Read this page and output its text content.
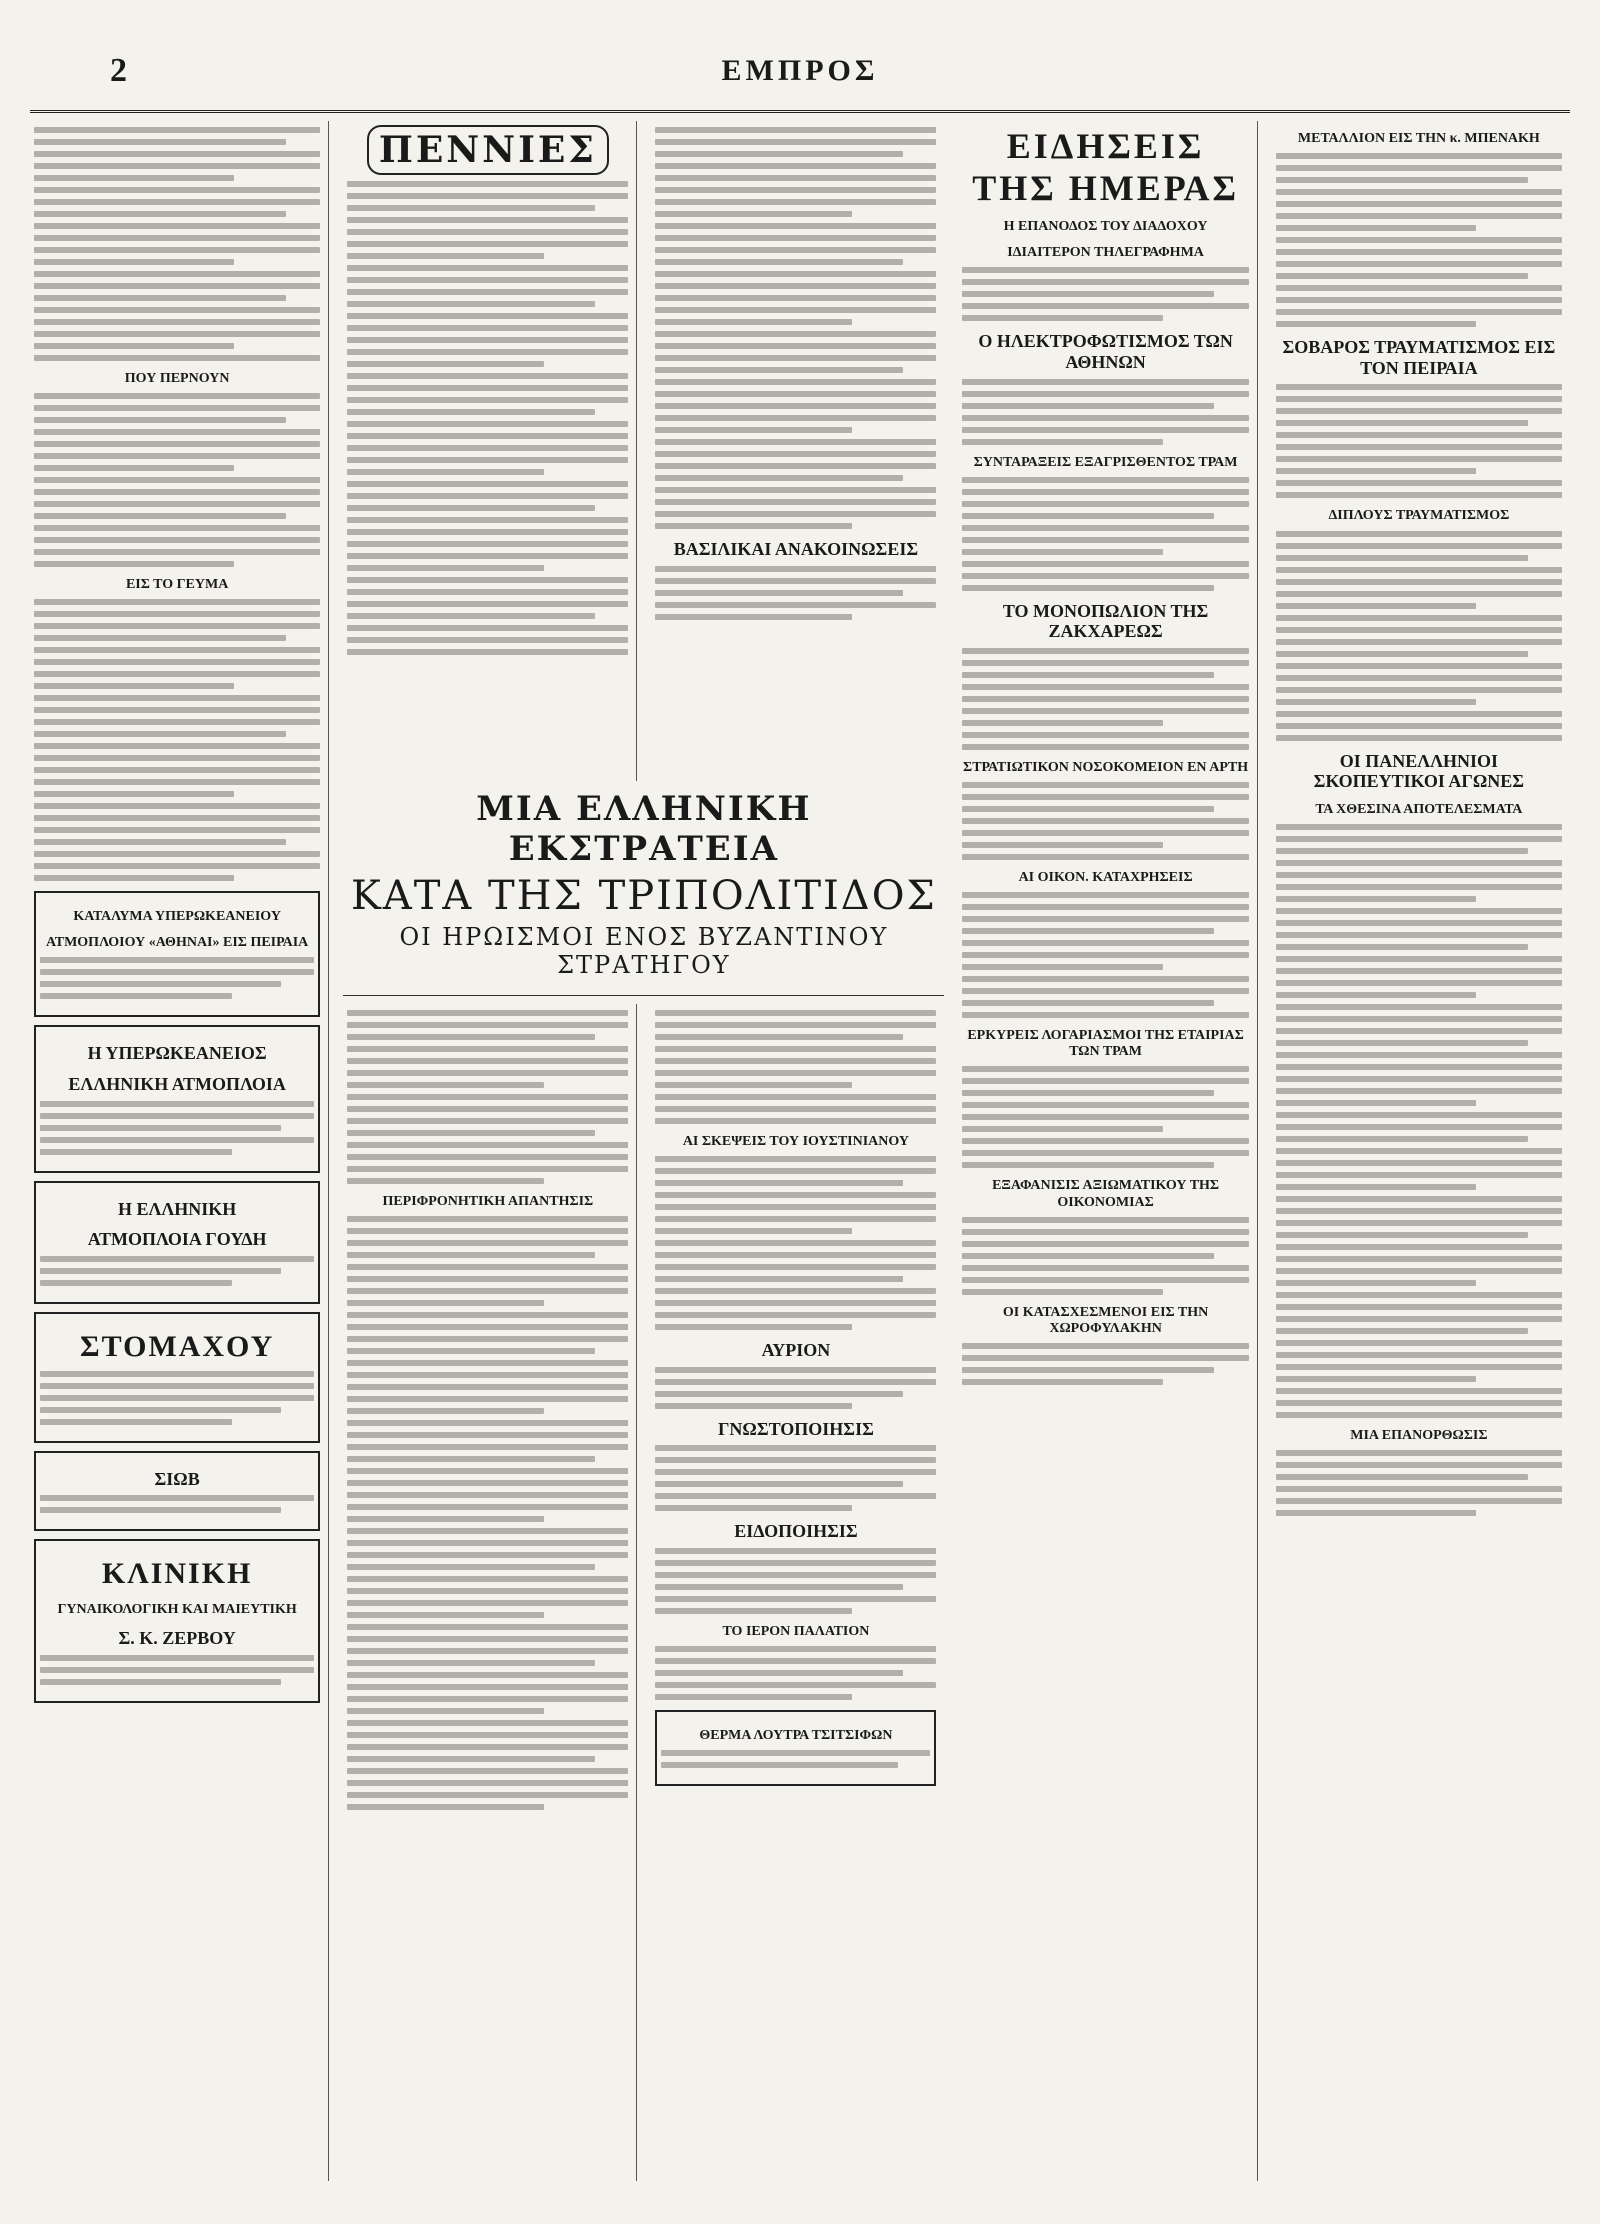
2	ΕΜΠΡΟΣ
ΠΟΥ ΠΕΡΝΟΥΝ
ΕΙΣ ΤΟ ΓΕΥΜΑ
ΚΑΤΑΛΥΜΑ ΥΠΕΡΩΚΕΑΝΕΙΟΥ
ΑΤΜΟΠΛΟΙΟΥ «ΑΘΗΝΑΙ» ΕΙΣ ΠΕΙΡΑΙΑ
Η ΥΠΕΡΩΚΕΑΝΕΙΟΣ
ΕΛΛΗΝΙΚΗ ΑΤΜΟΠΛΟΙΑ
Η ΕΛΛΗΝΙΚΗ
ΑΤΜΟΠΛΟΙΑ ΓΟΥΔΗ
ΣΤΟΜΑΧΟΥ
ΣΙΩΒ
ΚΛΙΝΙΚΗ
ΓΥΝΑΙΚΟΛΟΓΙΚΗ ΚΑΙ ΜΑΙΕΥΤΙΚΗ
Σ. Κ. ΖΕΡΒΟΥ
ΠΕΝΝΙΕΣ
ΒΑΣΙΛΙΚΑΙ ΑΝΑΚΟΙΝΩΣΕΙΣ
ΜΙΑ ΕΛΛΗΝΙΚΗ ΕΚΣΤΡΑΤΕΙΑ
ΚΑΤΑ ΤΗΣ ΤΡΙΠΟΛΙΤΙΔΟΣ
ΟΙ ΗΡΩΙΣΜΟΙ ΕΝΟΣ ΒΥΖΑΝΤΙΝΟΥ ΣΤΡΑΤΗΓΟΥ
ΠΕΡΙΦΡΟΝΗΤΙΚΗ ΑΠΑΝΤΗΣΙΣ
ΑΙ ΣΚΕΨΕΙΣ ΤΟΥ ΙΟΥΣΤΙΝΙΑΝΟΥ
ΑΥΡΙΟΝ
ΓΝΩΣΤΟΠΟΙΗΣΙΣ
ΕΙΔΟΠΟΙΗΣΙΣ
ΤΟ ΙΕΡΟΝ ΠΑΛΑΤΙΟΝ
ΘΕΡΜΑ ΛΟΥΤΡΑ ΤΣΙΤΣΙΦΩΝ
ΕΙΔΗΣΕΙΣ ΤΗΣ ΗΜΕΡΑΣ
Η ΕΠΑΝΟΔΟΣ ΤΟΥ ΔΙΑΔΟΧΟΥ
ΙΔΙΑΙΤΕΡΟΝ ΤΗΛΕΓΡΑΦΗΜΑ
Ο ΗΛΕΚΤΡΟΦΩΤΙΣΜΟΣ ΤΩΝ ΑΘΗΝΩΝ
ΣΥΝΤΑΡΑΞΕΙΣ ΕΞΑΓΡΙΣΘΕΝΤΟΣ ΤΡΑΜ
ΤΟ ΜΟΝΟΠΩΛΙΟΝ ΤΗΣ ΖΑΚΧΑΡΕΩΣ
ΣΤΡΑΤΙΩΤΙΚΟΝ ΝΟΣΟΚΟΜΕΙΟΝ ΕΝ ΑΡΤΗ
ΑΙ ΟΙΚΟΝ. ΚΑΤΑΧΡΗΣΕΙΣ
ΕΡΚΥΡΕΙΣ ΛΟΓΑΡΙΑΣΜΟΙ ΤΗΣ ΕΤΑΙΡΙΑΣ ΤΩΝ ΤΡΑΜ
ΕΞΑΦΑΝΙΣΙΣ ΑΞΙΩΜΑΤΙΚΟΥ ΤΗΣ ΟΙΚΟΝΟΜΙΑΣ
ΟΙ ΚΑΤΑΣΧΕΣΜΕΝΟΙ ΕΙΣ ΤΗΝ ΧΩΡΟΦΥΛΑΚΗΝ
ΜΕΤΑΛΛΙΟΝ ΕΙΣ ΤΗΝ κ. ΜΠΕΝΑΚΗ
ΣΟΒΑΡΟΣ ΤΡΑΥΜΑΤΙΣΜΟΣ ΕΙΣ ΤΟΝ ΠΕΙΡΑΙΑ
ΔΙΠΛΟΥΣ ΤΡΑΥΜΑΤΙΣΜΟΣ
ΟΙ ΠΑΝΕΛΛΗΝΙΟΙ ΣΚΟΠΕΥΤΙΚΟΙ ΑΓΩΝΕΣ
ΤΑ ΧΘΕΣΙΝΑ ΑΠΟΤΕΛΕΣΜΑΤΑ
ΜΙΑ ΕΠΑΝΟΡΘΩΣΙΣ
